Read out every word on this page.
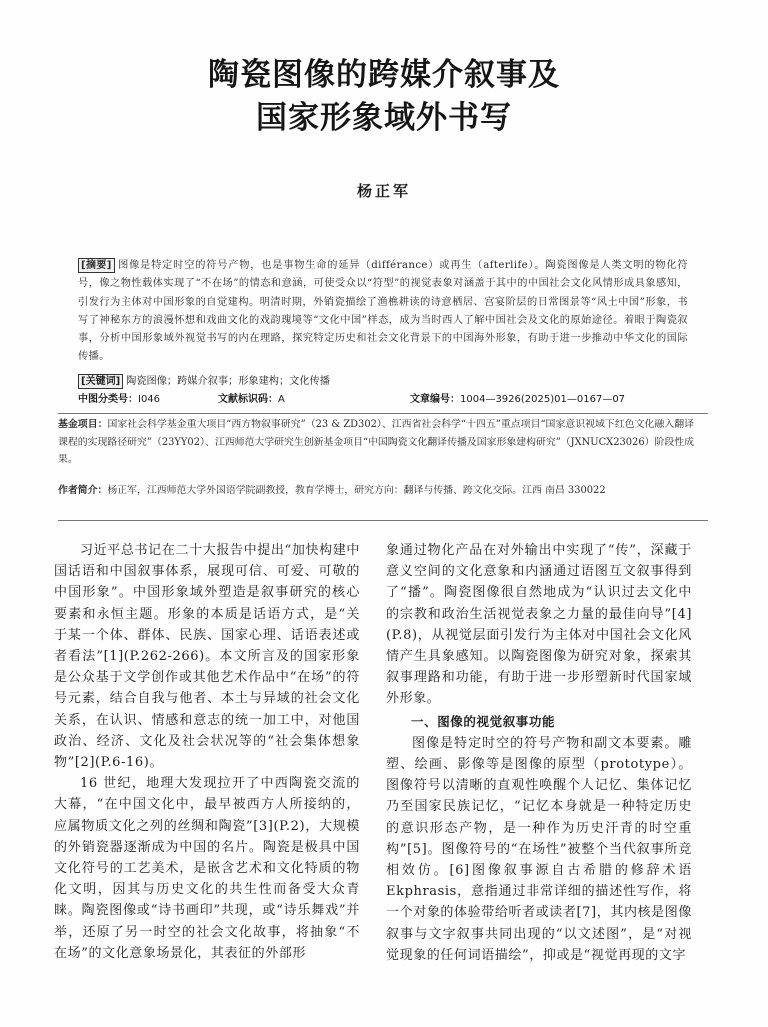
陶瓷图像的跨媒介叙事及
国家形象域外书写
杨正军
[摘要] 图像是特定时空的符号产物，也是事物生命的延异（différance）或再生（afterlife）。陶瓷图像是人类文明的物化符号，像之物性载体实现了“不在场”的情态和意涵，可使受众以“符型”的视觉表象对涵盖于其中的中国社会文化风情形成具象感知，引发行为主体对中国形象的自觉建构。明清时期，外销瓷描绘了渔樵耕读的诗意栖居、宫宴阶层的日常图景等“风土中国”形象，书写了神秘东方的浪漫怀想和戏曲文化的戏韵瑰境等“文化中国”样态，成为当时西人了解中国社会及文化的原始途径。着眼于陶瓷叙事，分析中国形象域外视觉书写的内在理路，探究特定历史和社会文化背景下的中国海外形象，有助于进一步推动中华文化的国际传播。
[关键词] 陶瓷图像；跨媒介叙事；形象建构；文化传播
中图分类号：I046	文献标识码：A	文章编号：1004—3926(2025)01—0167—07
基金项目：国家社会科学基金重大项目“西方物叙事研究”（23 & ZD302）、江西省社会科学“十四五”重点项目“国家意识视域下红色文化融入翻译课程的实现路径研究”（23YY02）、江西师范大学研究生创新基金项目“中国陶瓷文化翻译传播及国家形象建构研究”（JXNUCX23026）阶段性成果。
作者简介：杨正军，江西师范大学外国语学院副教授，教育学博士，研究方向：翻译与传播、跨文化交际。江西 南昌 330022

习近平总书记在二十大报告中提出“加快构建中国话语和中国叙事体系，展现可信、可爱、可敬的中国形象”。中国形象域外塑造是叙事研究的核心要素和永恒主题。形象的本质是话语方式，是“关于某一个体、群体、民族、国家心理、话语表述或者看法”[1](P.262-266)。本文所言及的国家形象是公众基于文学创作或其他艺术作品中“在场”的符号元素，结合自我与他者、本土与异域的社会文化关系，在认识、情感和意志的统一加工中，对他国政治、经济、文化及社会状况等的“社会集体想象物”[2](P.6-16)。

16 世纪，地理大发现拉开了中西陶瓷交流的大幕，“在中国文化中，最早被西方人所接纳的，应属物质文化之列的丝绸和陶瓷”[3](P.2)，大规模的外销瓷器逐渐成为中国的名片。陶瓷是极具中国文化符号的工艺美术，是嵌含艺术和文化特质的物化文明，因其与历史文化的共生性而备受大众青睐。陶瓷图像或“诗书画印”共现，或“诗乐舞戏”并举，还原了另一时空的社会文化故事，将抽象“不在场”的文化意象场景化，其表征的外部形

象通过物化产品在对外输出中实现了“传”，深藏于意义空间的文化意象和内涵通过语图互文叙事得到了“播”。陶瓷图像很自然地成为“认识过去文化中的宗教和政治生活视觉表象之力量的最佳向导”[4](P.8)，从视觉层面引发行为主体对中国社会文化风情产生具象感知。以陶瓷图像为研究对象，探索其叙事理路和功能，有助于进一步形塑新时代国家域外形象。

一、图像的视觉叙事功能

图像是特定时空的符号产物和副文本要素。雕塑、绘画、影像等是图像的原型（prototype）。图像符号以清晰的直观性唤醒个人记忆、集体记忆乃至国家民族记忆，“记忆本身就是一种特定历史的意识形态产物，是一种作为历史汗青的时空重构”[5]。图像符号的“在场性”被整个当代叙事所竞相效仿。[6]图像叙事源自古希腊的修辞术语 Ekphrasis，意指通过非常详细的描述性写作，将一个对象的体验带给听者或读者[7]，其内核是图像叙事与文字叙事共同出现的“以文述图”，是“对视觉现象的任何词语描绘”，抑或是“视觉再现的文字
